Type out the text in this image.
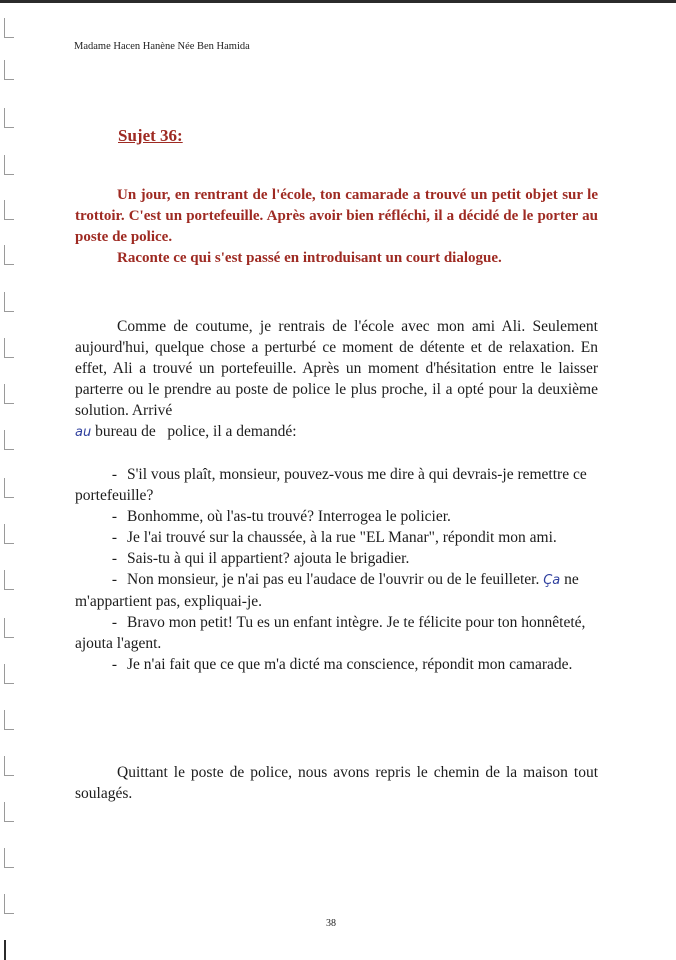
Madame Hacen Hanène Née Ben Hamida
Sujet 36:

Un jour, en rentrant de l'école, ton camarade a trouvé un petit objet sur le trottoir. C'est un portefeuille. Après avoir bien réfléchi, il a décidé de le porter au poste de police.

Raconte ce qui s'est passé en introduisant un court dialogue.

Comme de coutume, je rentrais de l'école avec mon ami Ali. Seulement aujourd'hui, quelque chose a perturbé ce moment de détente et de relaxation. En effet, Ali a trouvé un portefeuille. Après un moment d'hésitation entre le laisser parterre ou le prendre au poste de police le plus proche, il a opté pour la deuxième solution. Arrivé
au bureau de police, il a demandé:

- S'il vous plaît, monsieur, pouvez-vous me dire à qui devrais-je remettre ce portefeuille?

- Bonhomme, où l'as-tu trouvé? Interrogea le policier.

- Je l'ai trouvé sur la chaussée, à la rue "EL Manar", répondit mon ami.

- Sais-tu à qui il appartient? ajouta le brigadier.

- Non monsieur, je n'ai pas eu l'audace de l'ouvrir ou de le feuilleter. Ça ne m'appartient pas, expliquai-je.

- Bravo mon petit! Tu es un enfant intègre. Je te félicite pour ton honnêteté, ajouta l'agent.

- Je n'ai fait que ce que m'a dicté ma conscience, répondit mon camarade.

Quittant le poste de police, nous avons repris le chemin de la maison tout soulagés.

38
